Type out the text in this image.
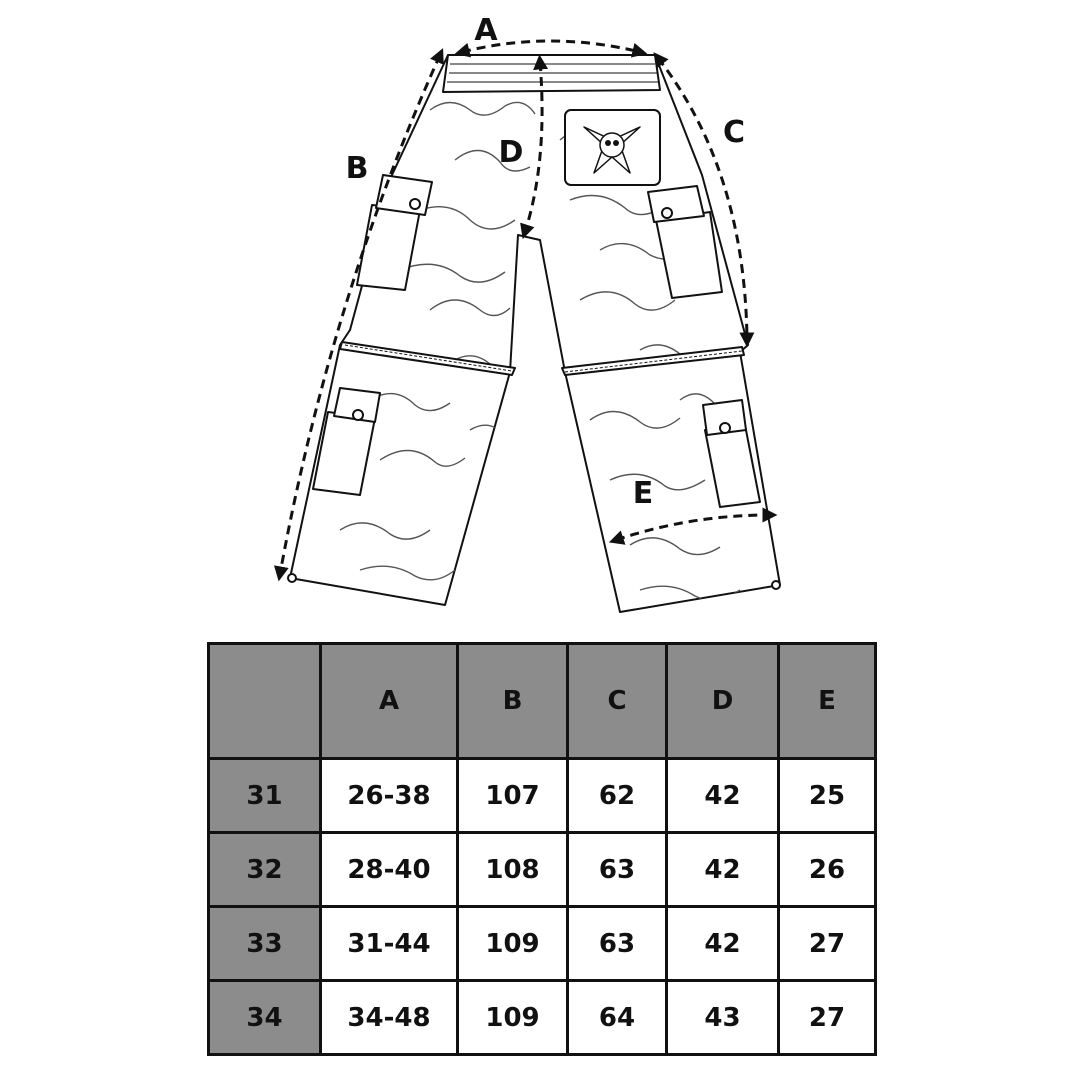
A
B
C
D
E
	A	B	C	D	E
31	26-38	107	62	42	25
32	28-40	108	63	42	26
33	31-44	109	63	42	27
34	34-48	109	64	43	27
